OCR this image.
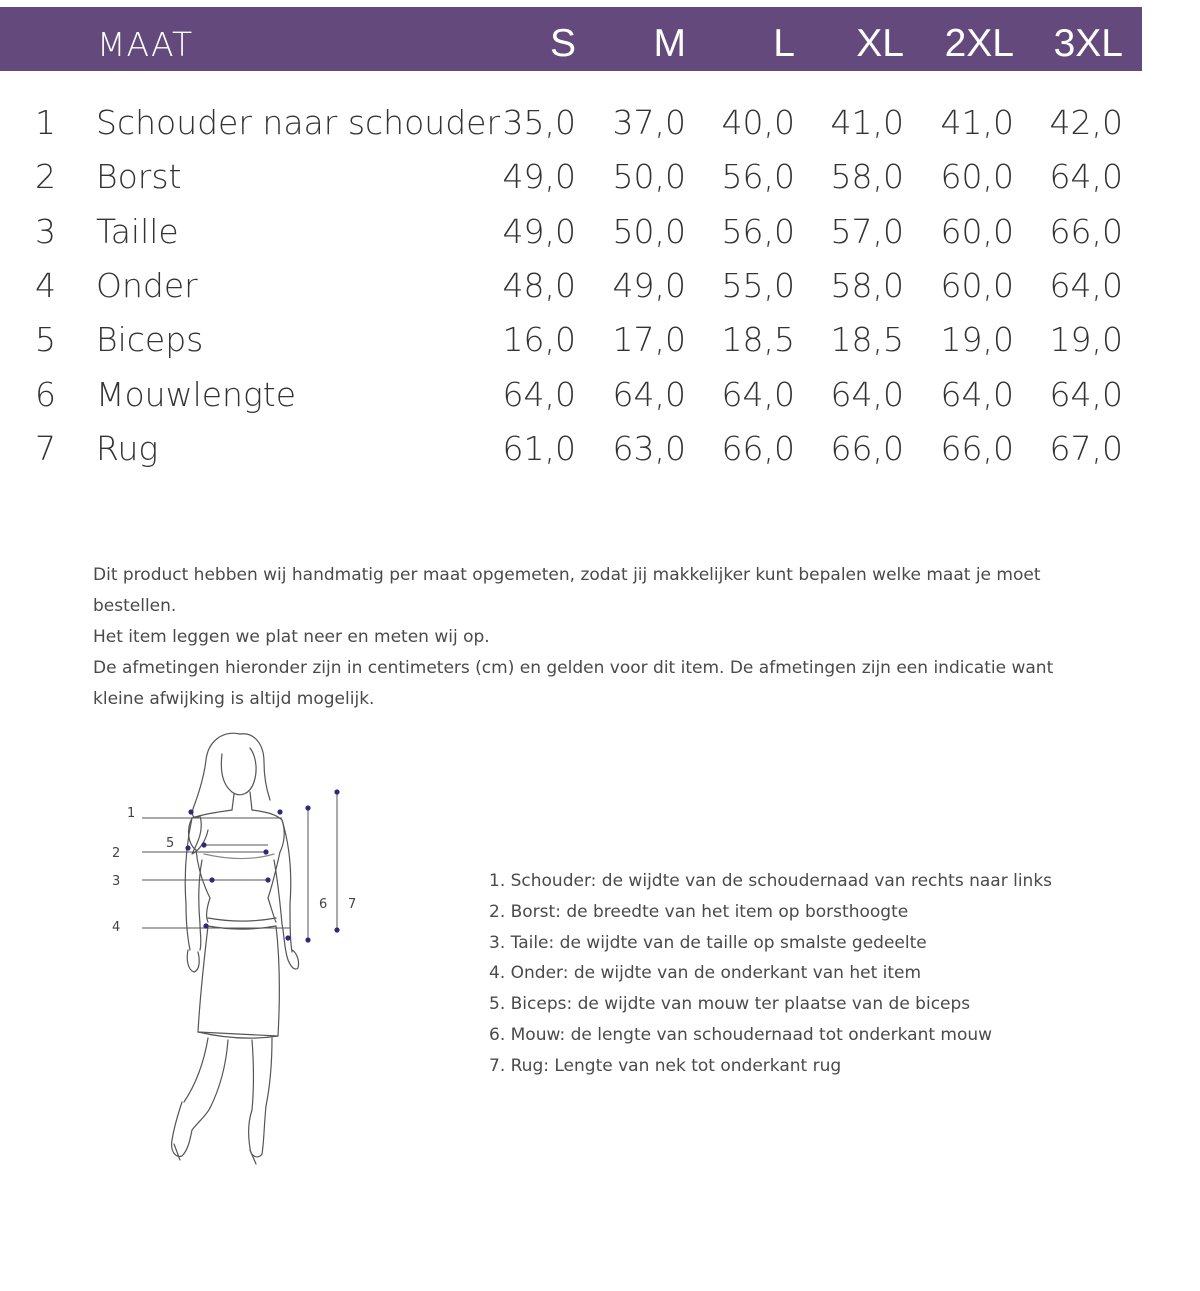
MAAT	S	M	L	XL	2XL	3XL
1 Schouder naar schouder 35,0	37,0	40,0	41,0	41,0	42,0
2 Borst	49,0	50,0	56,0	58,0	60,0	64,0
3 Taille	49,0	50,0	56,0	57,0	60,0	66,0
4 Onder	48,0	49,0	55,0	58,0	60,0	64,0
5 Biceps	16,0	17,0	18,5	18,5	19,0	19,0
6 Mouwlengte	64,0	64,0	64,0	64,0	64,0	64,0
7 Rug	61,0	63,0	66,0	66,0	66,0	67,0

Dit product hebben wij handmatig per maat opgemeten, zodat jij makkelijker kunt bepalen welke maat je moet bestellen.

Het item leggen we plat neer en meten wij op.

De afmetingen hieronder zijn in centimeters (cm) en gelden voor dit item. De afmetingen zijn een indicatie want kleine afwijking is altijd mogelijk.

1
2
3
4
5
6 7
1. Schouder: de wijdte van de schoudernaad van rechts naar links
2. Borst: de breedte van het item op borsthoogte
3. Taile: de wijdte van de taille op smalste gedeelte
4. Onder: de wijdte van de onderkant van het item
5. Biceps: de wijdte van mouw ter plaatse van de biceps
6. Mouw: de lengte van schoudernaad tot onderkant mouw
7. Rug: Lengte van nek tot onderkant rug
